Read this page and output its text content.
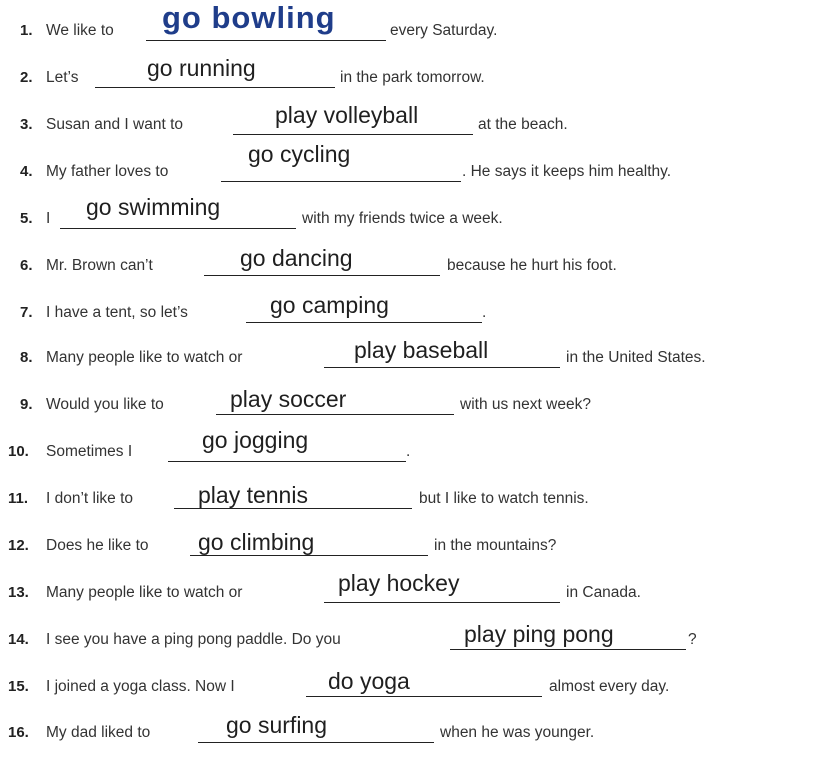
1. We like to go bowling	every Saturday.
2. Let’s	go running	in the park tomorrow.
3. Susan and I want to	play volleyball	at the beach.
4. My father loves to
go cycling
. He says it keeps him healthy.
5. I go swimming	with my friends twice a week.
6. Mr. Brown can’t	go dancing	because he hurt his foot.
7. I have a tent, so let’s	go camping	.
8. Many people like to watch or	play baseball	in the United States.
9. Would you like to	play soccer	with us next week?
10. Sometimes I	go jogging	.
11. I don’t like to	play tennis	but I like to watch tennis.
12. Does he like to go climbing	in the mountains?
13. Many people like to watch or	play hockey	in Canada.
14. I see you have a ping pong paddle. Do you	play ping pong	?
15. I joined a yoga class. Now I	do yoga	almost every day.
16. My dad liked to	go surfing	when he was younger.
